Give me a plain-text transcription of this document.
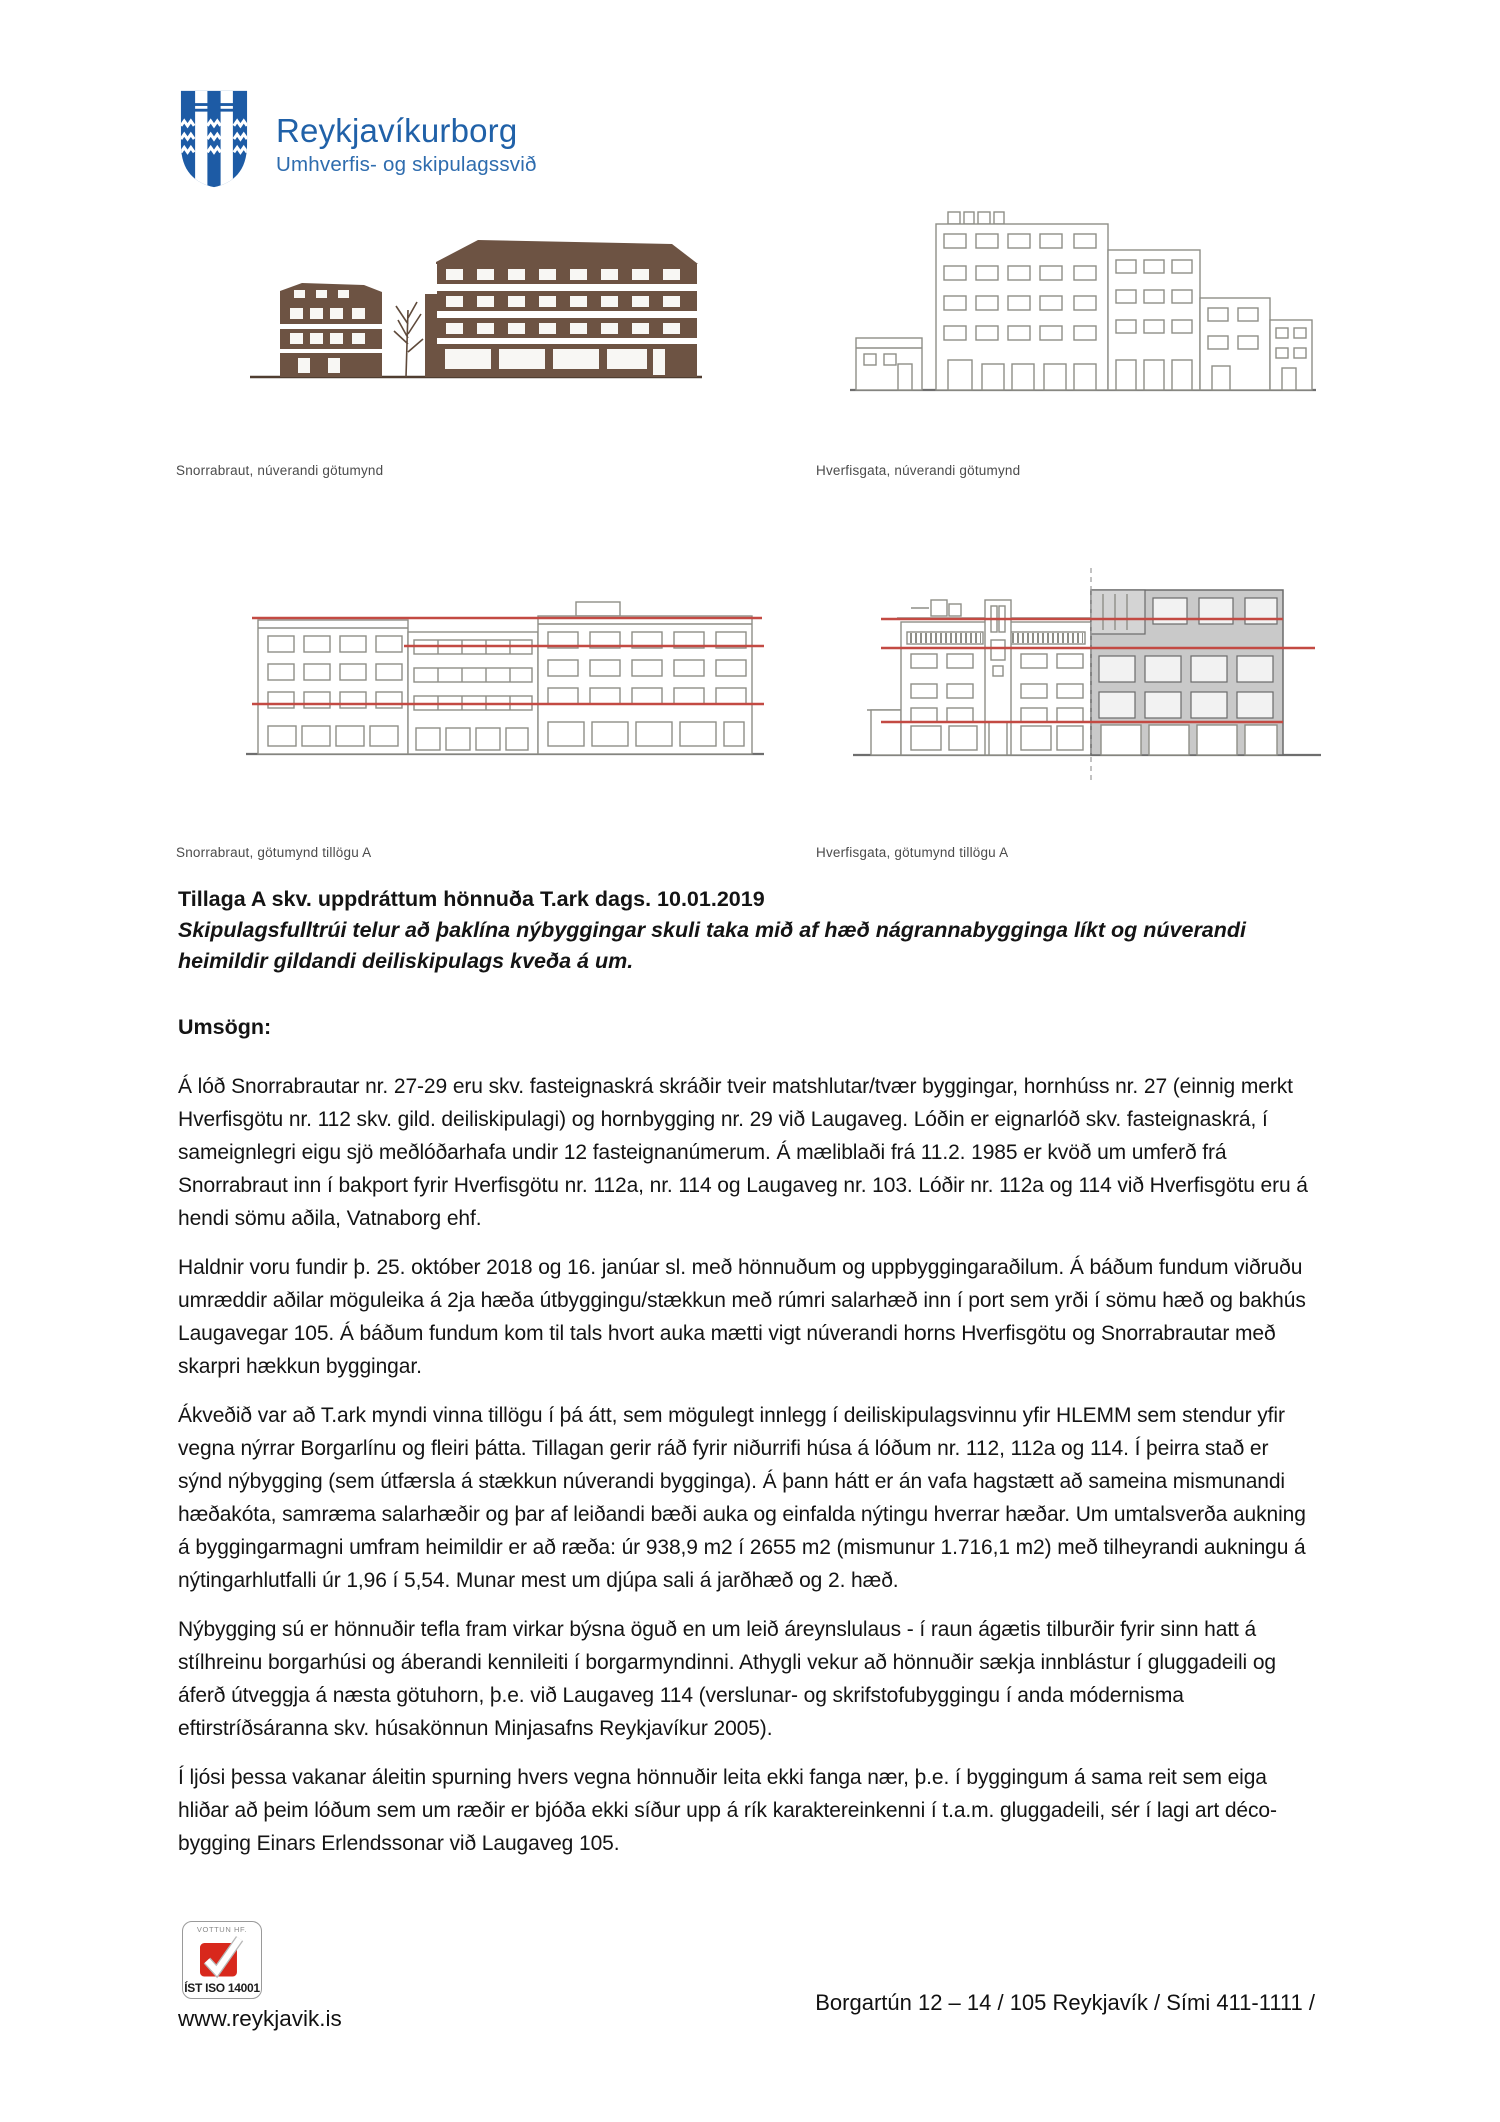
Reykjavíkurborg
Umhverfis- og skipulagssvið
Snorrabraut, núverandi götumynd	Hverfisgata, núverandi götumynd
Snorrabraut, götumynd tillögu A	Hverfisgata, götumynd tillögu A
Tillaga A skv. uppdráttum hönnuða T.ark dags. 10.01.2019

Skipulagsfulltrúi telur að þaklína nýbyggingar skuli taka mið af hæð nágrannabygginga líkt og núverandi heimildir gildandi deiliskipulags kveða á um.

Umsögn:

Á lóð Snorrabrautar nr. 27-29 eru skv. fasteignaskrá skráðir tveir matshlutar/tvær byggingar, hornhúss nr. 27 (einnig merkt Hverfisgötu nr. 112 skv. gild. deiliskipulagi) og hornbygging nr. 29 við Laugaveg. Lóðin er eignarlóð skv. fasteignaskrá, í sameignlegri eigu sjö meðlóðarhafa undir 12 fasteignanúmerum. Á mæliblaði frá 11.2. 1985 er kvöð um umferð frá Snorrabraut inn í bakport fyrir Hverfisgötu nr. 112a, nr. 114 og Laugaveg nr. 103. Lóðir nr. 112a og 114 við Hverfisgötu eru á hendi sömu aðila, Vatnaborg ehf.

Haldnir voru fundir þ. 25. október 2018 og 16. janúar sl. með hönnuðum og uppbyggingaraðilum. Á báðum fundum viðruðu umræddir aðilar möguleika á 2ja hæða útbyggingu/stækkun með rúmri salarhæð inn í port sem yrði í sömu hæð og bakhús Laugavegar 105. Á báðum fundum kom til tals hvort auka mætti vigt núverandi horns Hverfisgötu og Snorrabrautar með skarpri hækkun byggingar.

Ákveðið var að T.ark myndi vinna tillögu í þá átt, sem mögulegt innlegg í deiliskipulagsvinnu yfir HLEMM sem stendur yfir vegna nýrrar Borgarlínu og fleiri þátta. Tillagan gerir ráð fyrir niðurrifi húsa á lóðum nr. 112, 112a og 114. Í þeirra stað er sýnd nýbygging (sem útfærsla á stækkun núverandi bygginga). Á þann hátt er án vafa hagstætt að sameina mismunandi hæðakóta, samræma salarhæðir og þar af leiðandi bæði auka og einfalda nýtingu hverrar hæðar. Um umtalsverða aukning á byggingarmagni umfram heimildir er að ræða: úr 938,9 m2 í 2655 m2 (mismunur 1.716,1 m2) með tilheyrandi aukningu á nýtingarhlutfalli úr 1,96 í 5,54. Munar mest um djúpa sali á jarðhæð og 2. hæð.

Nýbygging sú er hönnuðir tefla fram virkar býsna öguð en um leið áreynslulaus - í raun ágætis tilburðir fyrir sinn hatt á stílhreinu borgarhúsi og áberandi kennileiti í borgarmyndinni. Athygli vekur að hönnuðir sækja innblástur í gluggadeili og áferð útveggja á næsta götuhorn, þ.e. við Laugaveg 114 (verslunar- og skrifstofubyggingu í anda módernisma eftirstríðsáranna skv. húsakönnun Minjasafns Reykjavíkur 2005).

Í ljósi þessa vakanar áleitin spurning hvers vegna hönnuðir leita ekki fanga nær, þ.e. í byggingum á sama reit sem eiga hliðar að þeim lóðum sem um ræðir er bjóða ekki síður upp á rík karaktereinkenni í t.a.m. gluggadeili, sér í lagi art déco-bygging Einars Erlendssonar við Laugaveg 105.

VOTTUN HF.
ÍST ISO 14001
www.reykjavik.is
Borgartún 12 – 14 / 105 Reykjavík / Sími 411-1111 /
